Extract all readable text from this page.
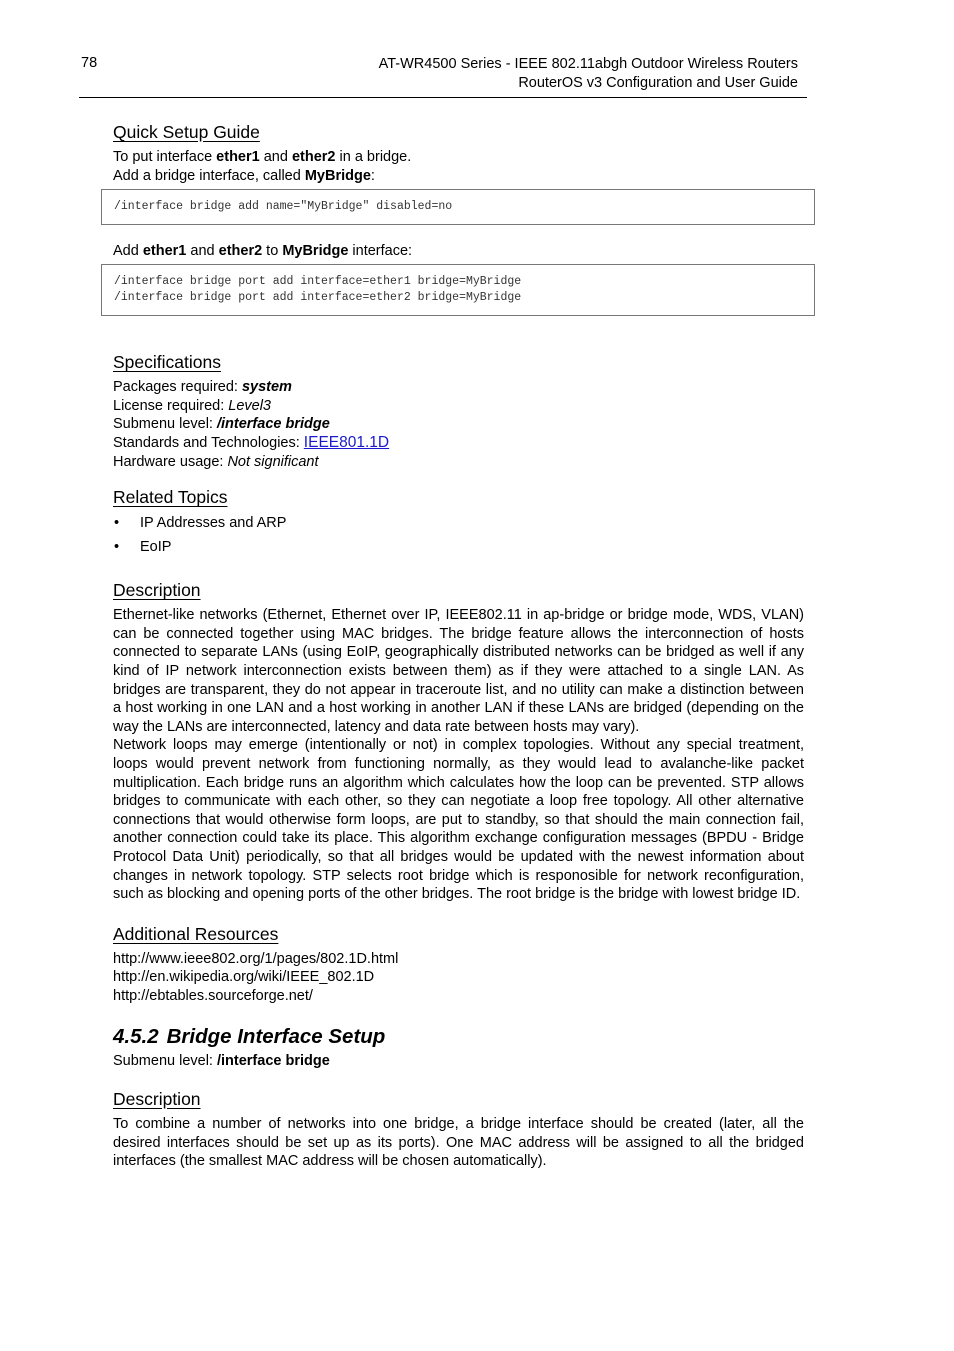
78	AT-WR4500 Series - IEEE 802.11abgh Outdoor Wireless Routers
RouterOS v3 Configuration and User Guide
Quick Setup Guide

To put interface ether1 and ether2 in a bridge.

Add a bridge interface, called MyBridge:

/interface bridge add name="MyBridge" disabled=no

Add ether1 and ether2 to MyBridge interface:

/interface bridge port add interface=ether1 bridge=MyBridge
/interface bridge port add interface=ether2 bridge=MyBridge
Specifications

Packages required: system

License required: Level3

Submenu level: /interface bridge

Standards and Technologies: IEEE801.1D

Hardware usage: Not significant

Related Topics
• IP Addresses and ARP
• EoIP
Description

Ethernet-like networks (Ethernet, Ethernet over IP, IEEE802.11 in ap-bridge or bridge mode, WDS, VLAN) can be connected together using MAC bridges. The bridge feature allows the interconnection of hosts connected to separate LANs (using EoIP, geographically distributed networks can be bridged as well if any kind of IP network interconnection exists between them) as if they were attached to a single LAN. As bridges are transparent, they do not appear in traceroute list, and no utility can make a distinction between a host working in one LAN and a host working in another LAN if these LANs are bridged (depending on the way the LANs are interconnected, latency and data rate between hosts may vary).

Network loops may emerge (intentionally or not) in complex topologies. Without any special treatment, loops would prevent network from functioning normally, as they would lead to avalanche-like packet multiplication. Each bridge runs an algorithm which calculates how the loop can be prevented. STP allows bridges to communicate with each other, so they can negotiate a loop free topology. All other alternative connections that would otherwise form loops, are put to standby, so that should the main connection fail, another connection could take its place. This algorithm exchange configuration messages (BPDU - Bridge Protocol Data Unit) periodically, so that all bridges would be updated with the newest information about changes in network topology. STP selects root bridge which is responosible for network reconfiguration, such as blocking and opening ports of the other bridges. The root bridge is the bridge with lowest bridge ID.

Additional Resources

http://www.ieee802.org/1/pages/802.1D.html

http://en.wikipedia.org/wiki/IEEE_802.1D

http://ebtables.sourceforge.net/

4.5.2 Bridge Interface Setup

Submenu level: /interface bridge

Description

To combine a number of networks into one bridge, a bridge interface should be created (later, all the desired interfaces should be set up as its ports). One MAC address will be assigned to all the bridged interfaces (the smallest MAC address will be chosen automatically).
